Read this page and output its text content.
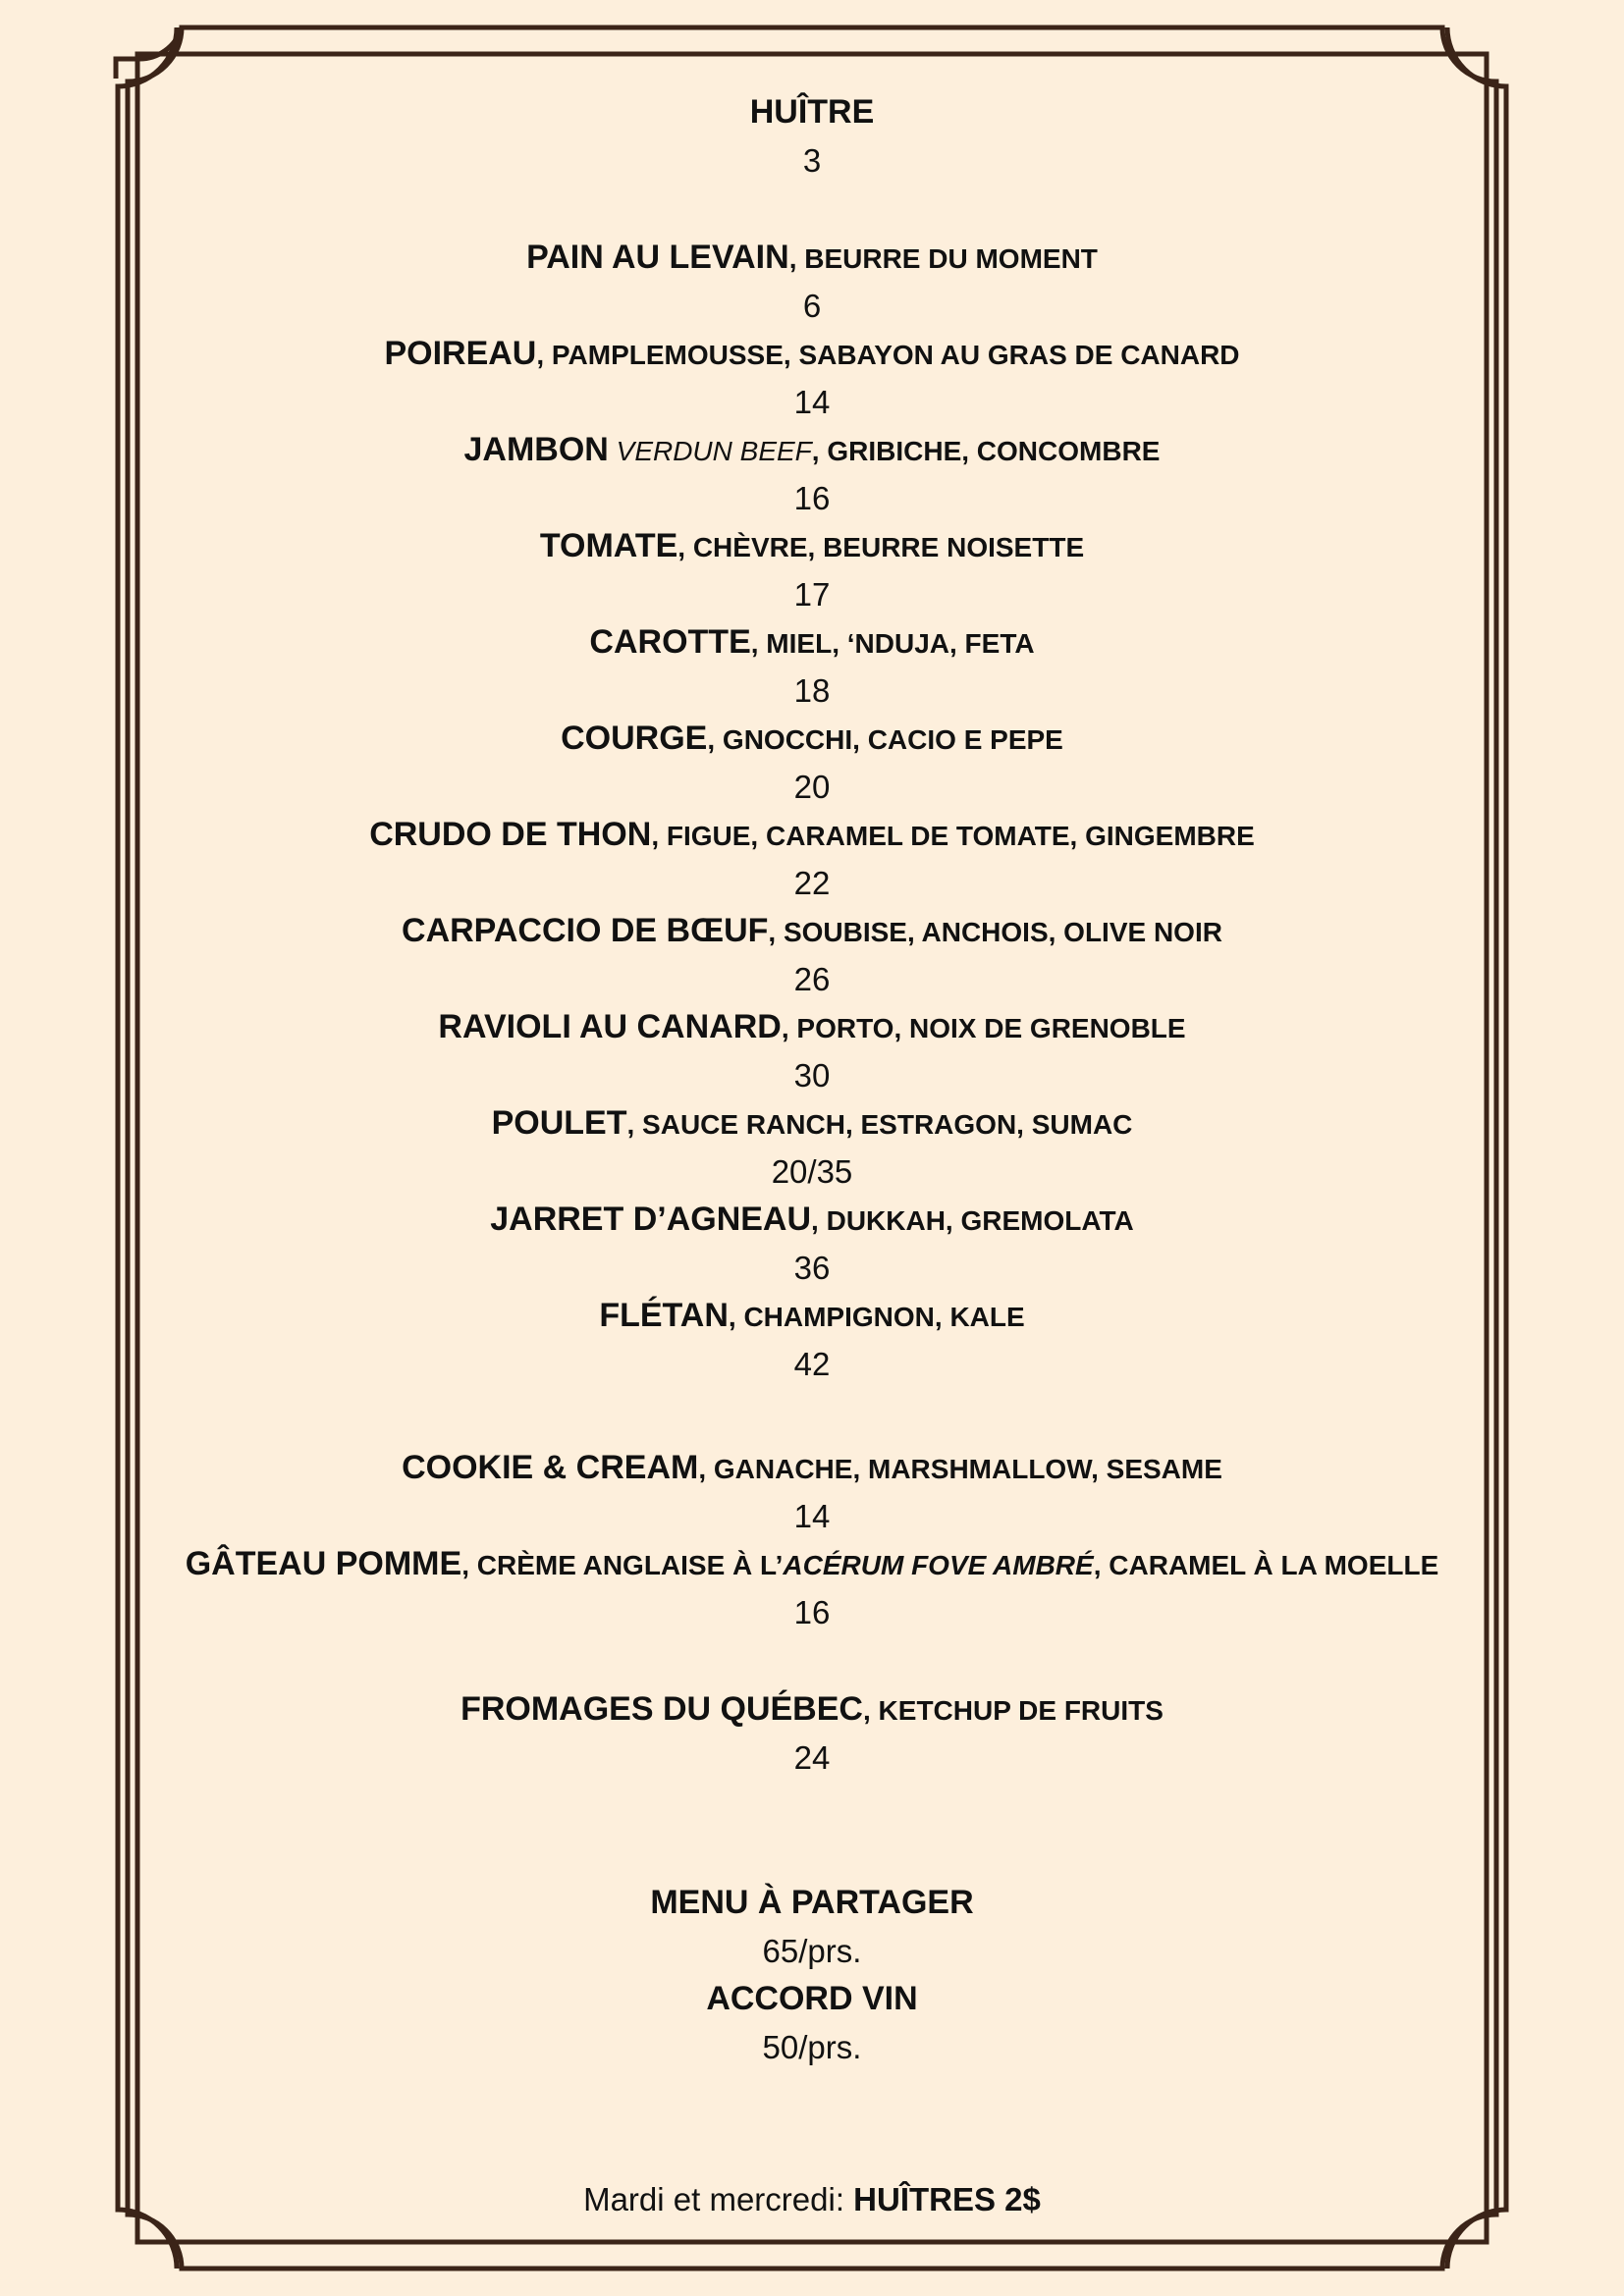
HUÎTRE
3
PAIN AU LEVAIN, BEURRE DU MOMENT
6
POIREAU, PAMPLEMOUSSE, SABAYON AU GRAS DE CANARD
14
JAMBON VERDUN BEEF, GRIBICHE, CONCOMBRE
16
TOMATE, CHÈVRE, BEURRE NOISETTE
17
CAROTTE, MIEL, ‘NDUJA, FETA
18
COURGE, GNOCCHI, CACIO E PEPE
20
CRUDO DE THON, FIGUE, CARAMEL DE TOMATE, GINGEMBRE
22
CARPACCIO DE BŒUF, SOUBISE, ANCHOIS, OLIVE NOIR
26
RAVIOLI AU CANARD, PORTO, NOIX DE GRENOBLE
30
POULET, SAUCE RANCH, ESTRAGON, SUMAC
20/35
JARRET D’AGNEAU, DUKKAH, GREMOLATA
36
FLÉTAN, CHAMPIGNON, KALE
42
COOKIE & CREAM, GANACHE, MARSHMALLOW, SESAME
14
GÂTEAU POMME, CRÈME ANGLAISE À L’ACÉRUM FOVE AMBRÉ, CARAMEL À LA MOELLE
16
FROMAGES DU QUÉBEC, KETCHUP DE FRUITS
24
MENU À PARTAGER
65/prs.
ACCORD VIN
50/prs.
Mardi et mercredi: HUÎTRES 2$
